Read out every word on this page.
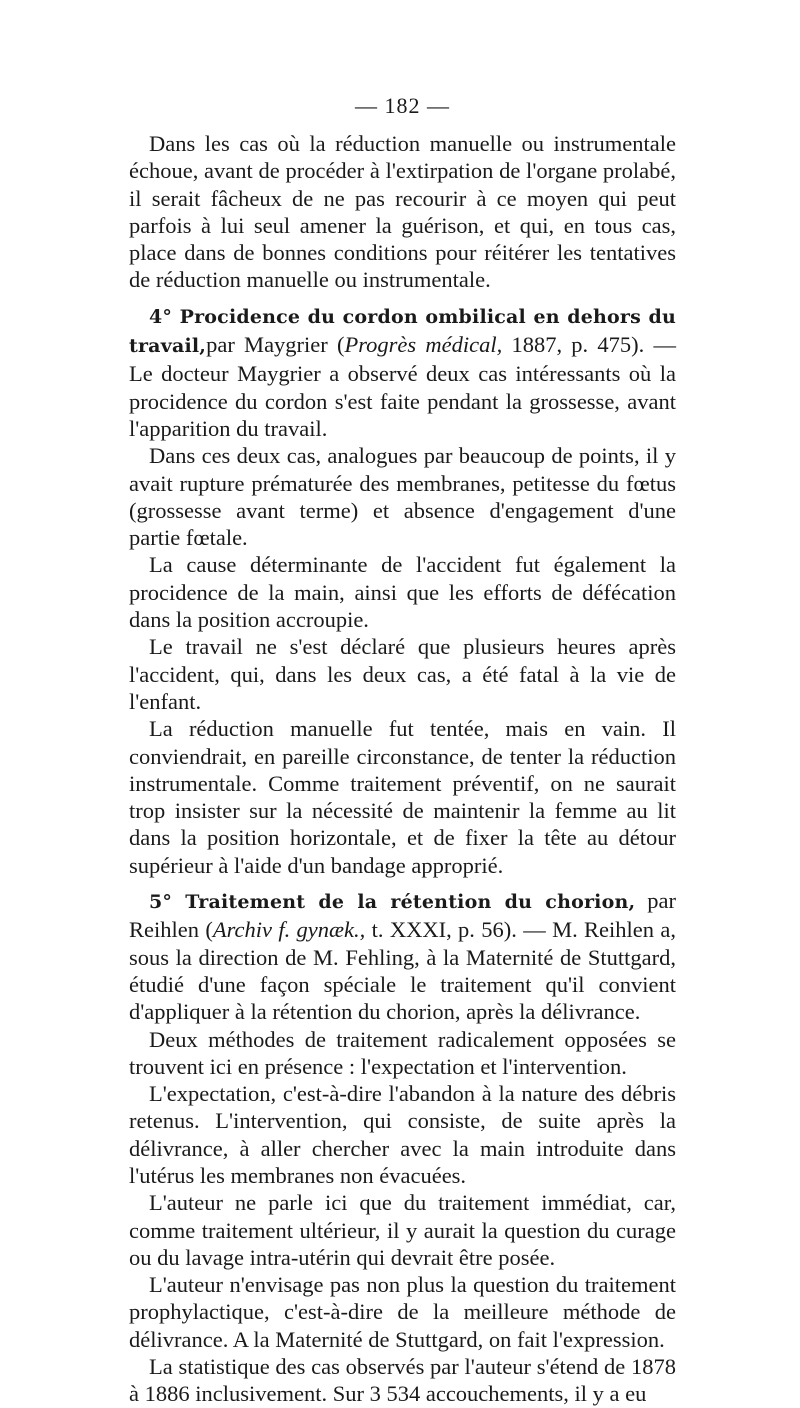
— 182 —

Dans les cas où la réduction manuelle ou instrumentale échoue, avant de procéder à l'extirpation de l'organe prolabé, il serait fâcheux de ne pas recourir à ce moyen qui peut parfois à lui seul amener la guérison, et qui, en tous cas, place dans de bonnes conditions pour réitérer les tentatives de réduction manuelle ou instrumentale.

4° Procidence du cordon ombilical en dehors du travail,par Maygrier (Progrès médical, 1887, p. 475). — Le docteur Maygrier a observé deux cas intéressants où la procidence du cordon s'est faite pendant la grossesse, avant l'apparition du travail.

Dans ces deux cas, analogues par beaucoup de points, il y avait rupture prématurée des membranes, petitesse du fœtus (grossesse avant terme) et absence d'engagement d'une partie fœtale.

La cause déterminante de l'accident fut également la procidence de la main, ainsi que les efforts de défécation dans la position accroupie.

Le travail ne s'est déclaré que plusieurs heures après l'accident, qui, dans les deux cas, a été fatal à la vie de l'enfant.

La réduction manuelle fut tentée, mais en vain. Il conviendrait, en pareille circonstance, de tenter la réduction instrumentale. Comme traitement préventif, on ne saurait trop insister sur la nécessité de maintenir la femme au lit dans la position horizontale, et de fixer la tête au détour supérieur à l'aide d'un bandage approprié.

5° Traitement de la rétention du chorion, par Reihlen (Archiv f. gynæk., t. XXXI, p. 56). — M. Reihlen a, sous la direction de M. Fehling, à la Maternité de Stuttgard, étudié d'une façon spéciale le traitement qu'il convient d'appliquer à la rétention du chorion, après la délivrance.

Deux méthodes de traitement radicalement opposées se trouvent ici en présence : l'expectation et l'intervention.

L'expectation, c'est-à-dire l'abandon à la nature des débris retenus. L'intervention, qui consiste, de suite après la délivrance, à aller chercher avec la main introduite dans l'utérus les membranes non évacuées.

L'auteur ne parle ici que du traitement immédiat, car, comme traitement ultérieur, il y aurait la question du curage ou du lavage intra-utérin qui devrait être posée.

L'auteur n'envisage pas non plus la question du traitement prophylactique, c'est-à-dire de la meilleure méthode de délivrance. A la Maternité de Stuttgard, on fait l'expression.

La statistique des cas observés par l'auteur s'étend de 1878 à 1886 inclusivement. Sur 3 534 accouchements, il y a eu
